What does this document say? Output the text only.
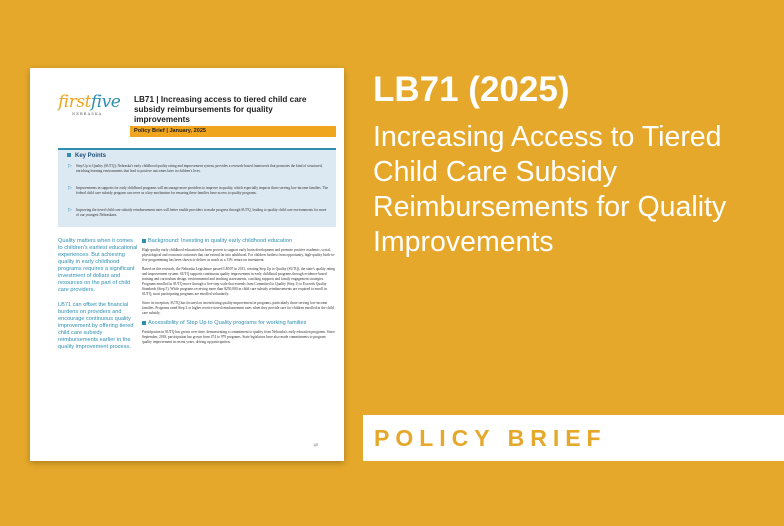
firstfive
NEBRASKA
LB71 | Increasing access to tiered child care subsidy reimbursements for quality improvements
Policy Brief | January, 2025
Key Points
▷ Step Up to Quality (SUTQ), Nebraska's early childhood quality rating and improvement system, provides a research-based framework that promotes the kind of structured, enriching learning environments that lead to positive outcomes later in children's lives.
▷ Improvements in supports for early childhood programs will encourage more providers to improve in quality, which especially impacts those serving low-income families. The federal child care subsidy program can serve as a key mechanism for ensuring these families have access to quality programs.
▷ Improving the tiered child care subsidy reimbursement rates will better enable providers to make progress through SUTQ, leading to quality child care environments for more of our youngest Nebraskans.

Quality matters when it comes to children's earliest educational experiences. But achieving quality in early childhood programs requires a significant investment of dollars and resources on the part of child care providers.

LB71 can offset the financial burdens on providers and encourage continuous quality improvement by offering tiered child care subsidy reimbursements earlier in the quality improvement process.

Background: Investing in quality early childhood education

High-quality early childhood education has been proven to support early brain development and promote positive academic, social, physiological and economic outcomes that can extend far into adulthood. For children furthest from opportunity, high-quality birth-to-five programming has been shown to deliver as much as a 13% return on investment.

Based on this research, the Nebraska Legislature passed LB507 in 2013, creating Step Up to Quality (SUTQ), the state's quality rating and improvement system. SUTQ supports continuous quality improvement in early childhood programs through evidence-based training and curriculum design, environmental and teaching assessments, coaching supports and family engagement strategies. Programs enrolled in SUTQ move through a five-step scale that extends from Committed to Quality (Step 1) to Exceeds Quality Standards (Step 5). While programs receiving more than $250,000 in child care subsidy reimbursements are required to enroll in SUTQ, most participating programs are enrolled voluntarily.

Since its inception, SUTQ has focused on incentivizing quality improvement in programs, particularly those serving low-income families. Programs rated Step 3 or higher receive tiered reimbursement rates when they provide care for children enrolled in the child care subsidy.

Accessibility of Step Up to Quality programs for working families

Participation in SUTQ has grown over time, demonstrating a commitment to quality from Nebraska's early education programs. Since September, 2018, participation has grown from 474 to 979 programs. State legislators have also made commitments to program quality improvement in recent years, driving up participation.

1|5
LB71 (2025)
Increasing Access to Tiered Child Care Subsidy Reimbursements for Quality Improvements
POLICY BRIEF
